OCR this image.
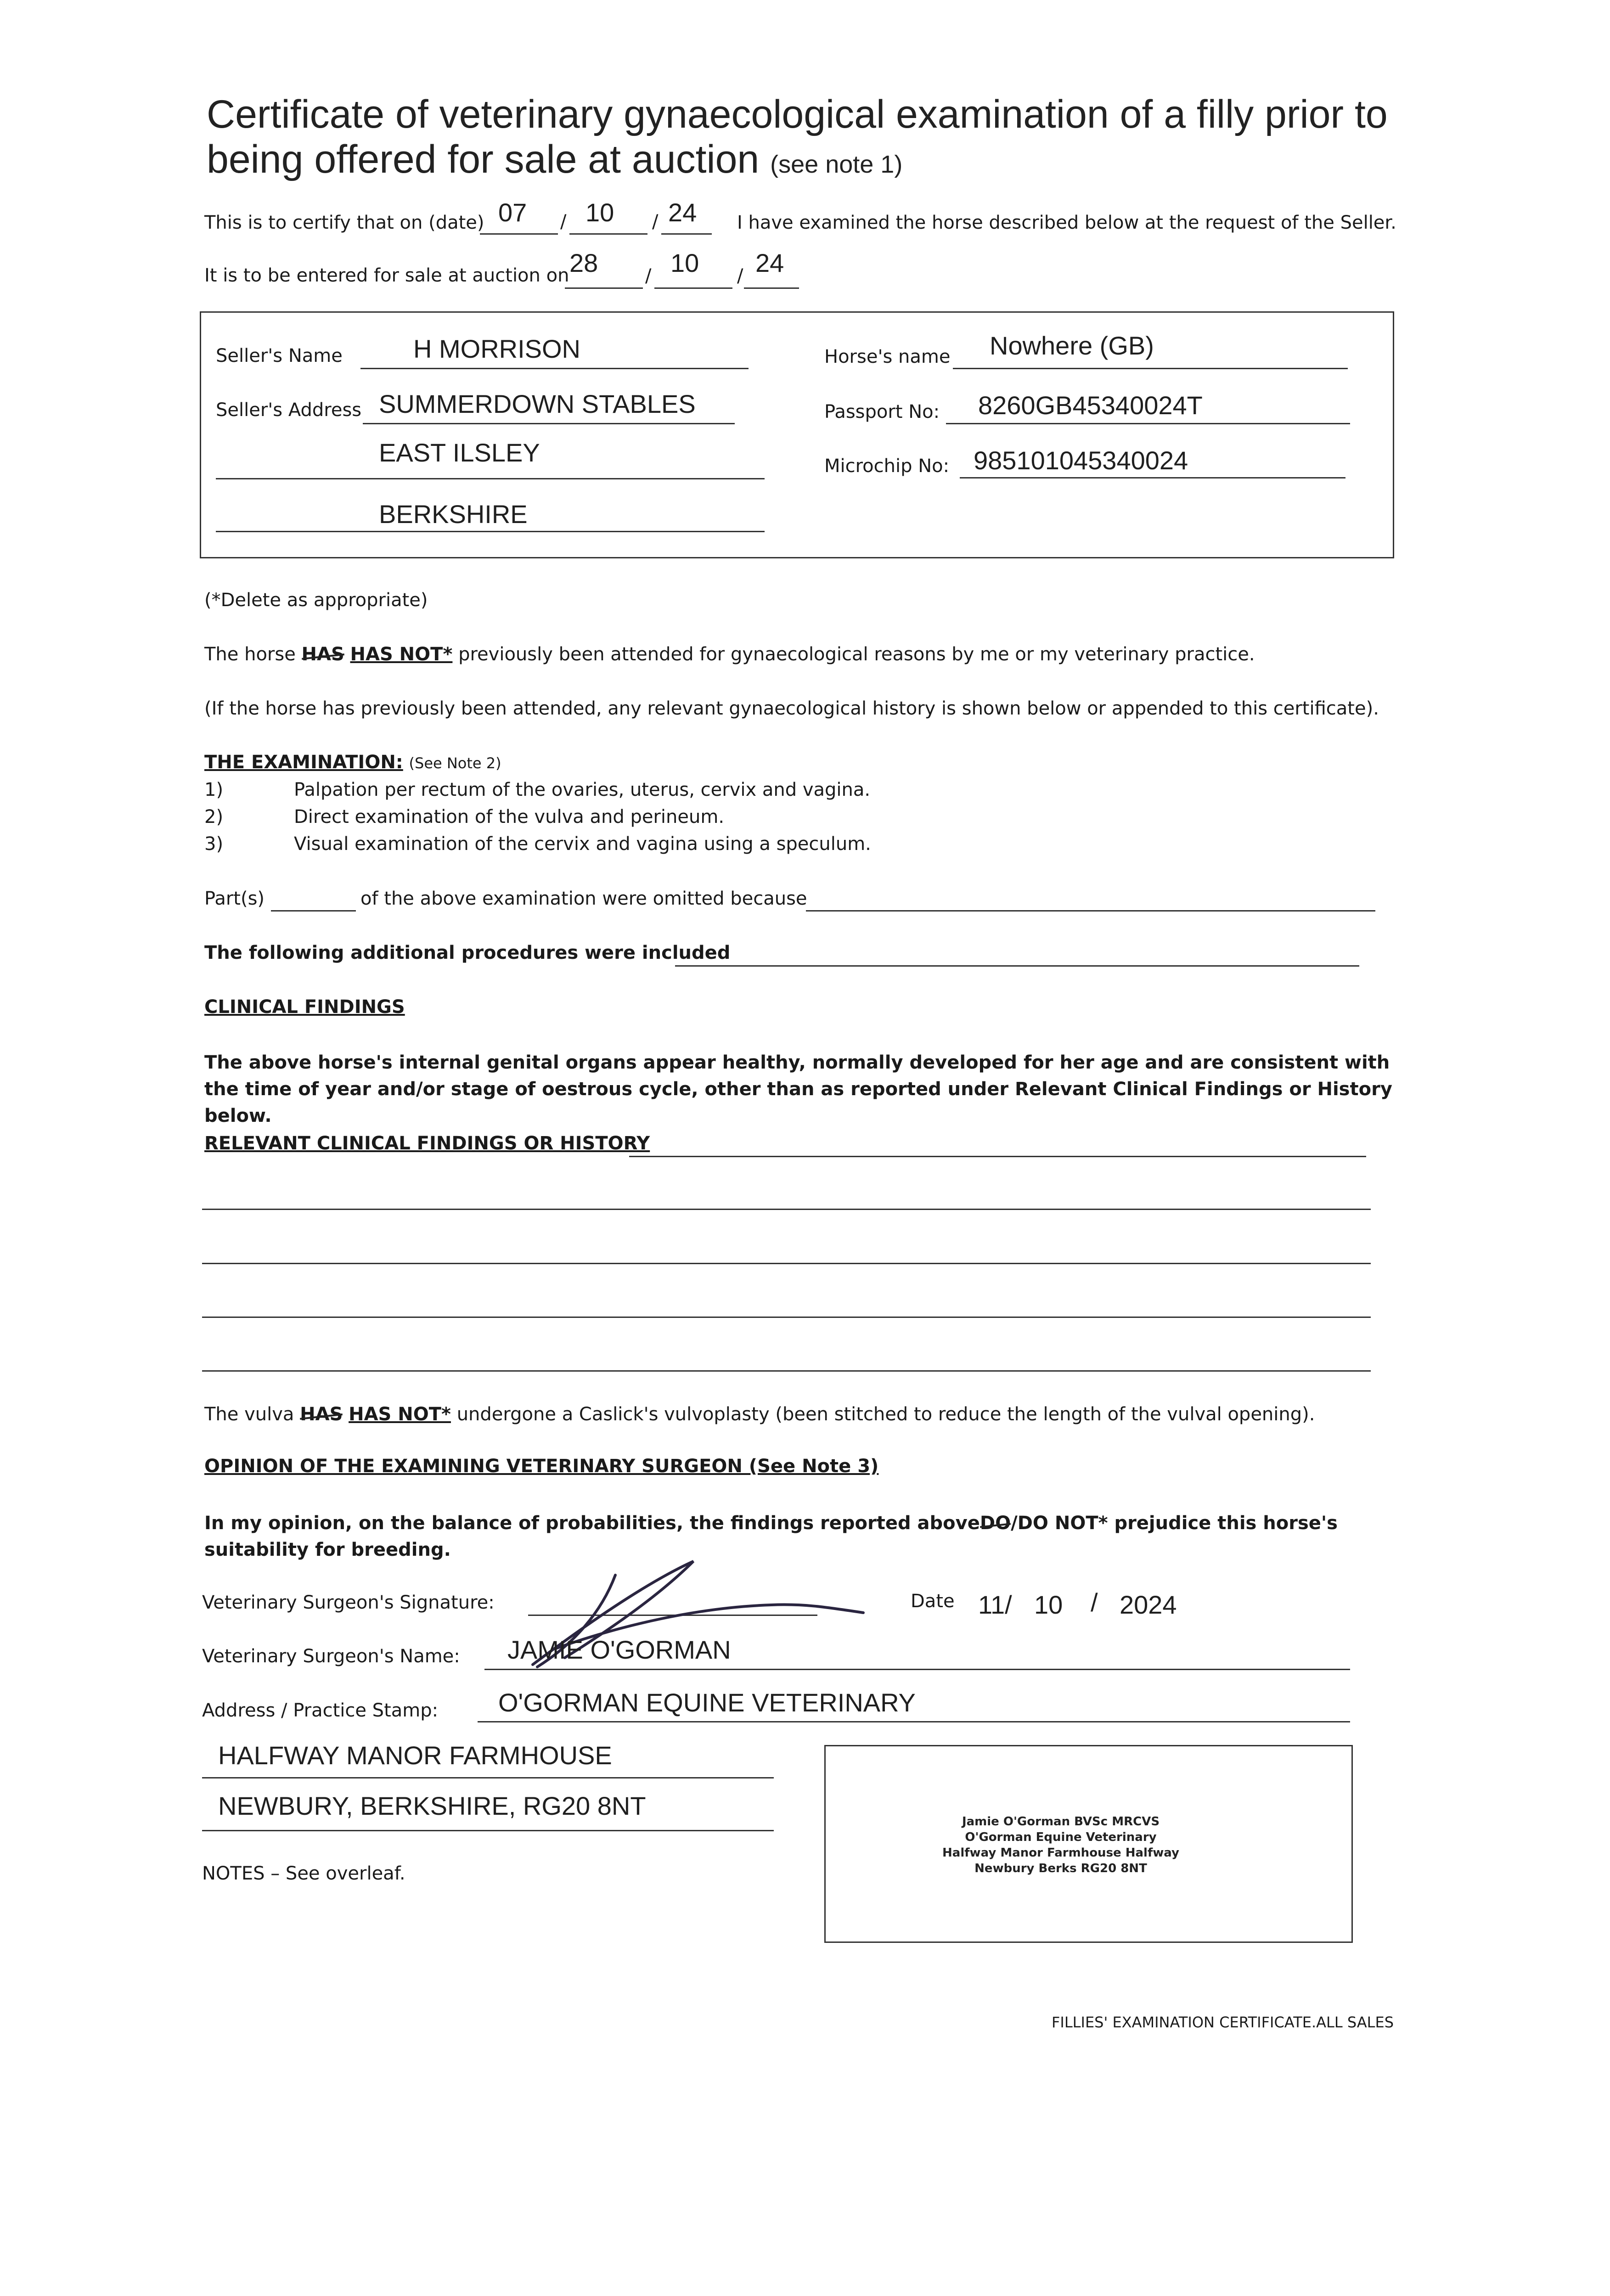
Certificate of veterinary gynaecological examination of a filly prior to
being offered for sale at auction (see note 1)
This is to certify that on (date) 07 / 10 / 24 I have examined the horse described below at the request of the Seller.
It is to be entered for sale at auction on 28	/ 10 / 24
Seller's Name	H MORRISON
Seller's Address SUMMERDOWN STABLES
EAST ILSLEY
BERKSHIRE
Horse's name Nowhere (GB)
Passport No: 8260GB45340024T
Microchip No: 985101045340024
(*Delete as appropriate)
The horse HAS HAS NOT* previously been attended for gynaecological reasons by me or my veterinary practice.
(If the horse has previously been attended, any relevant gynaecological history is shown below or appended to this certificate).
THE EXAMINATION: (See Note 2)
1)	Palpation per rectum of the ovaries, uterus, cervix and vagina.
2)	Direct examination of the vulva and perineum.
3)	Visual examination of the cervix and vagina using a speculum.
Part(s)	of the above examination were omitted because
The following additional procedures were included
CLINICAL FINDINGS
The above horse's internal genital organs appear healthy, normally developed for her age and are consistent with the time of year and/or stage of oestrous cycle, other than as reported under Relevant Clinical Findings or History below.
RELEVANT CLINICAL FINDINGS OR HISTORY
The vulva HAS HAS NOT* undergone a Caslick's vulvoplasty (been stitched to reduce the length of the vulval opening).
OPINION OF THE EXAMINING VETERINARY SURGEON (See Note 3)
In my opinion, on the balance of probabilities, the findings reported aboveDO/DO NOT* prejudice this horse's suitability for breeding.
Veterinary Surgeon's Signature:	Date 11/ 10 / 2024
Veterinary Surgeon's Name: JAMIE O'GORMAN
Address / Practice Stamp: O'GORMAN EQUINE VETERINARY
HALFWAY MANOR FARMHOUSE
NEWBURY, BERKSHIRE, RG20 8NT
Jamie O'Gorman BVSc MRCVS
O'Gorman Equine Veterinary
Halfway Manor Farmhouse Halfway
Newbury Berks RG20 8NT
NOTES – See overleaf.
FILLIES' EXAMINATION CERTIFICATE.ALL SALES
